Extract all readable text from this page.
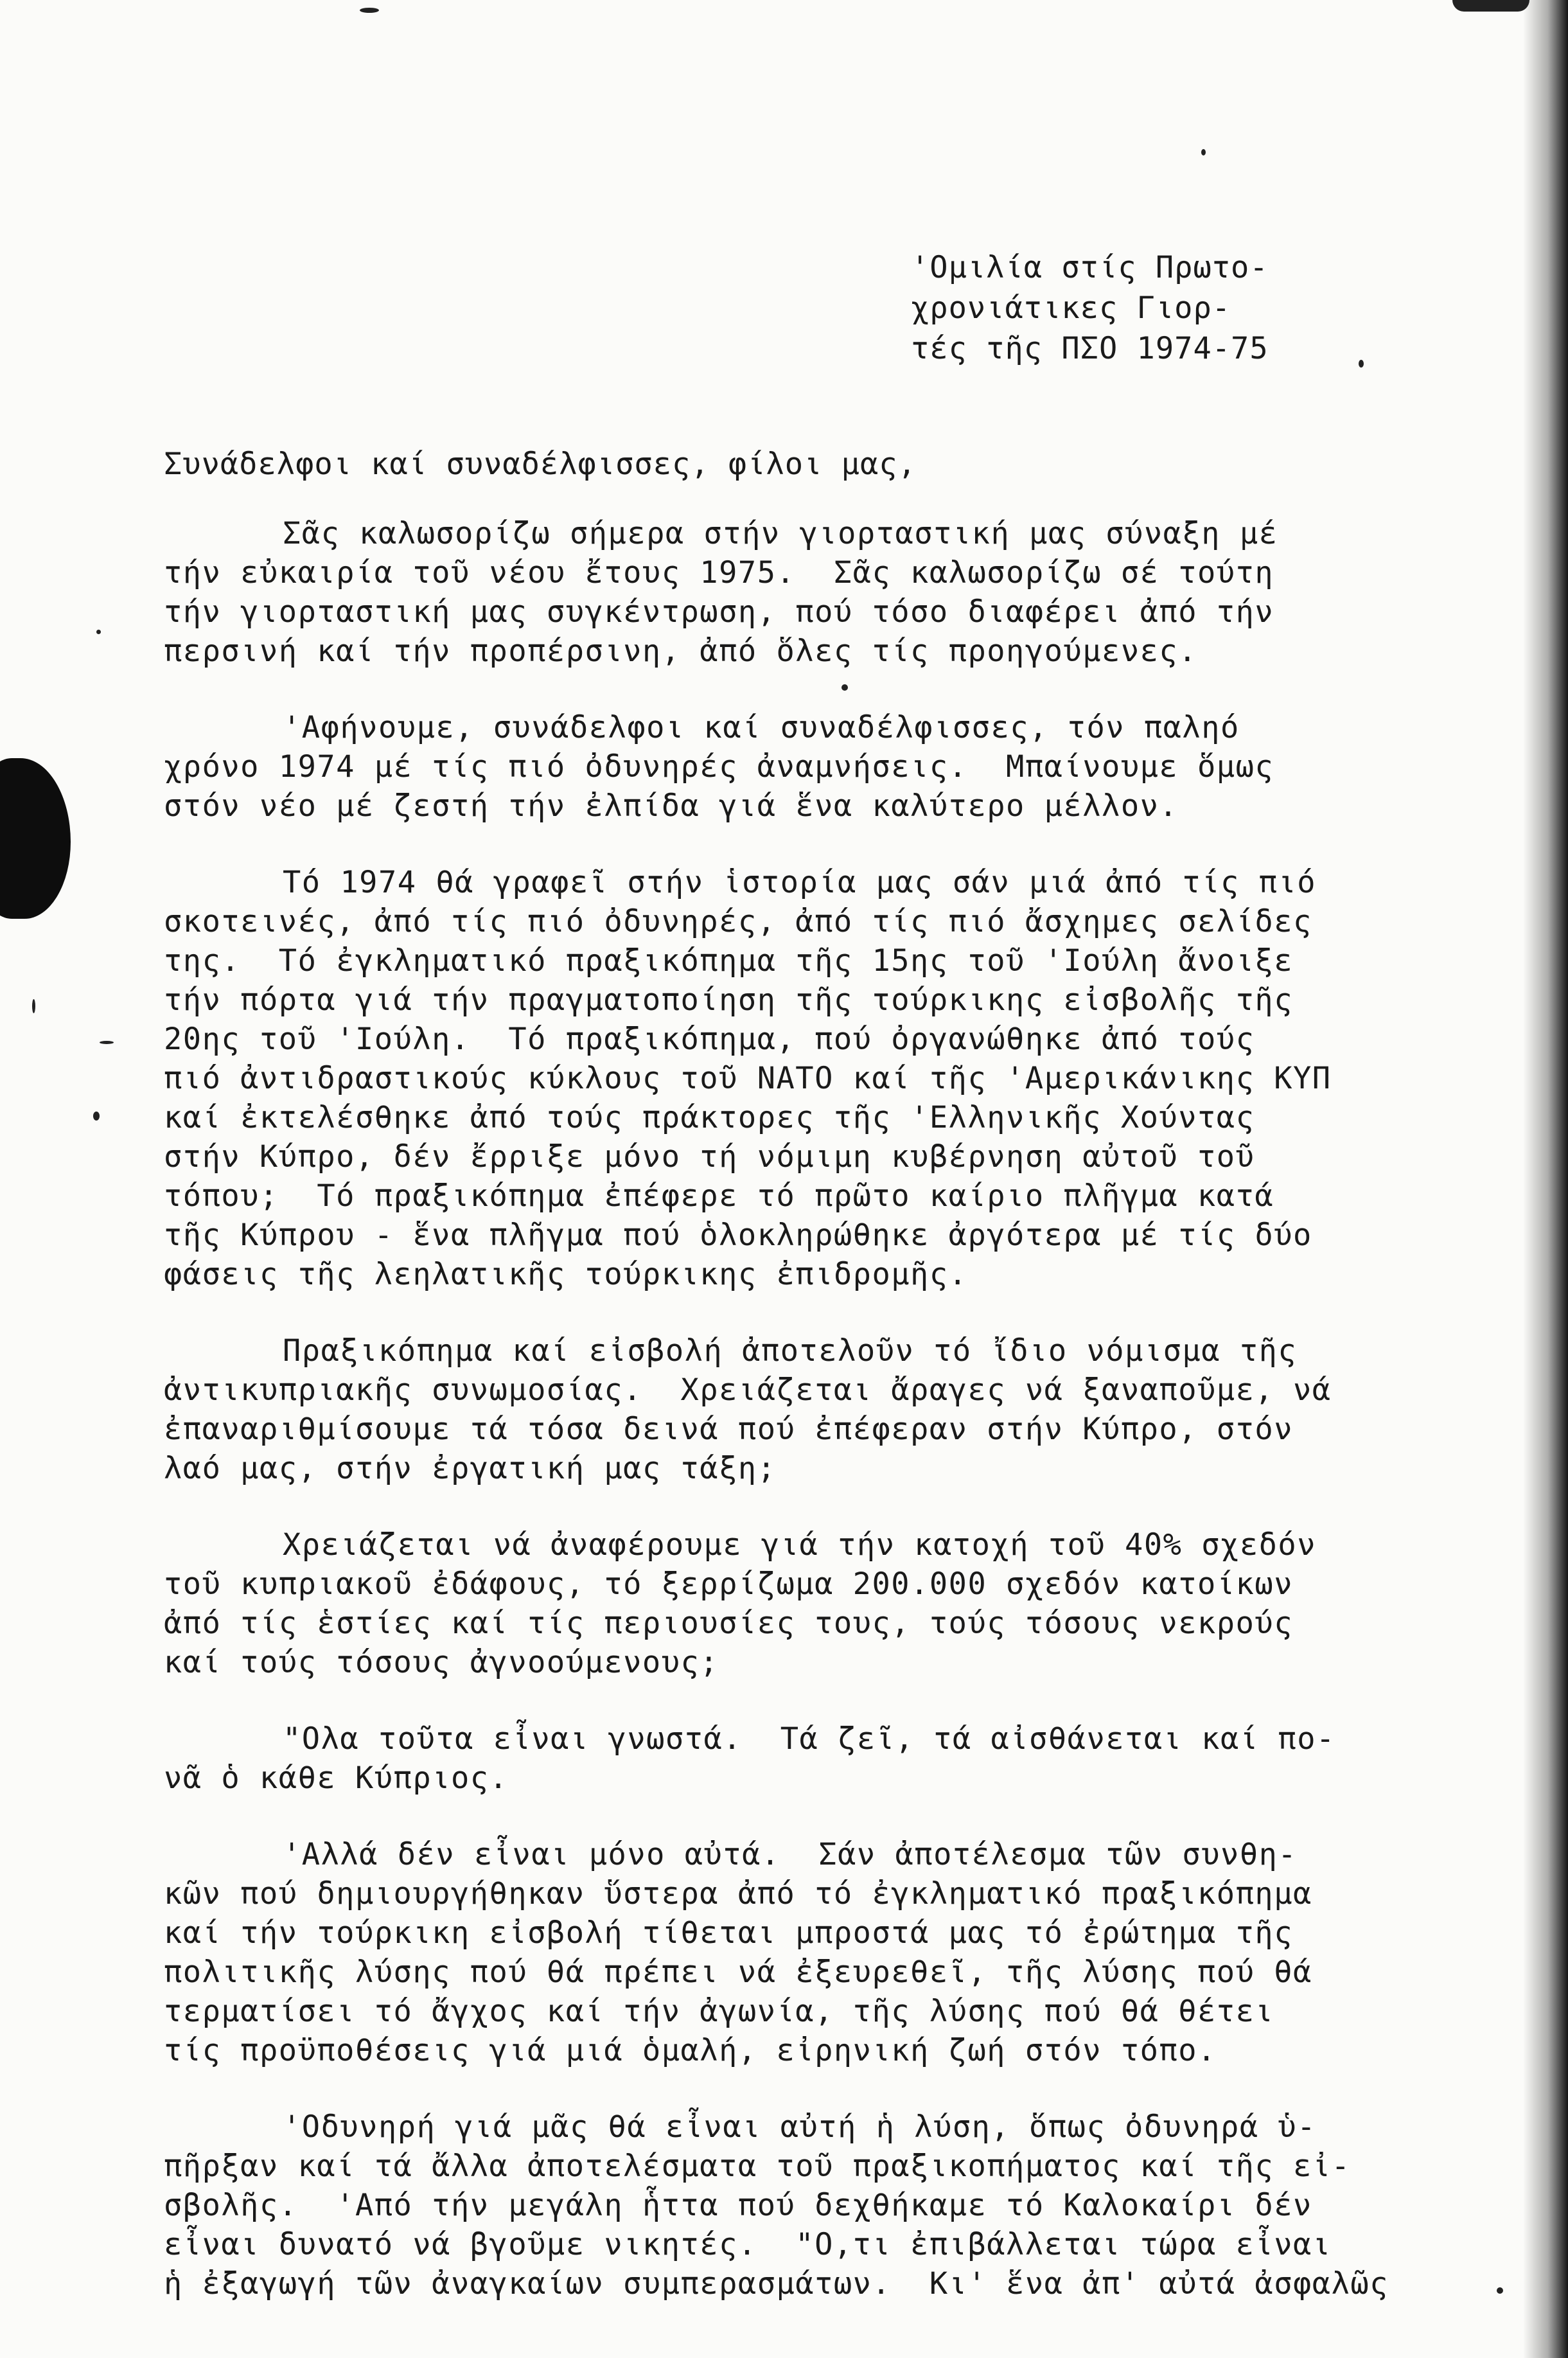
'Ομιλία στίς Πρωτο-
χρονιάτικες Γιορ-
τές τῆς ΠΣΟ 1974-75
Συνάδελφοι καί συναδέλφισσες, φίλοι μας,
Σᾶς καλωσορίζω σήμερα στήν γιορταστική μας σύναξη μέ
τήν εὐκαιρία τοῦ νέου ἔτους 1975.  Σᾶς καλωσορίζω σέ τούτη
τήν γιορταστική μας συγκέντρωση, πού τόσο διαφέρει ἀπό τήν
περσινή καί τήν προπέρσινη, ἀπό ὅλες τίς προηγούμενες.
'Αφήνουμε, συνάδελφοι καί συναδέλφισσες, τόν παληό
χρόνο 1974 μέ τίς πιό ὀδυνηρές ἀναμνήσεις.  Μπαίνουμε ὅμως
στόν νέο μέ ζεστή τήν ἐλπίδα γιά ἕνα καλύτερο μέλλον.
Τό 1974 θά γραφεῖ στήν ἱστορία μας σάν μιά ἀπό τίς πιό
σκοτεινές, ἀπό τίς πιό ὀδυνηρές, ἀπό τίς πιό ἄσχημες σελίδες
της.  Τό ἐγκληματικό πραξικόπημα τῆς 15ης τοῦ 'Ιούλη ἄνοιξε
τήν πόρτα γιά τήν πραγματοποίηση τῆς τούρκικης εἰσβολῆς τῆς
20ης τοῦ 'Ιούλη.  Τό πραξικόπημα, πού ὀργανώθηκε ἀπό τούς
πιό ἀντιδραστικούς κύκλους τοῦ ΝΑΤΟ καί τῆς 'Αμερικάνικης ΚΥΠ
καί ἐκτελέσθηκε ἀπό τούς πράκτορες τῆς 'Ελληνικῆς Χούντας
στήν Κύπρο, δέν ἔρριξε μόνο τή νόμιμη κυβέρνηση αὐτοῦ τοῦ
τόπου;  Τό πραξικόπημα ἐπέφερε τό πρῶτο καίριο πλῆγμα κατά
τῆς Κύπρου - ἕνα πλῆγμα πού ὁλοκληρώθηκε ἀργότερα μέ τίς δύο
φάσεις τῆς λεηλατικῆς τούρκικης ἐπιδρομῆς.
Πραξικόπημα καί εἰσβολή ἀποτελοῦν τό ἴδιο νόμισμα τῆς
ἀντικυπριακῆς συνωμοσίας.  Χρειάζεται ἄραγες νά ξαναποῦμε, νά
ἐπαναριθμίσουμε τά τόσα δεινά πού ἐπέφεραν στήν Κύπρο, στόν
λαό μας, στήν ἐργατική μας τάξη;
Χρειάζεται νά ἀναφέρουμε γιά τήν κατοχή τοῦ 40% σχεδόν
τοῦ κυπριακοῦ ἐδάφους, τό ξερρίζωμα 200.000 σχεδόν κατοίκων
ἀπό τίς ἑστίες καί τίς περιουσίες τους, τούς τόσους νεκρούς
καί τούς τόσους ἀγνοούμενους;
"Ολα τοῦτα εἶναι γνωστά.  Τά ζεῖ, τά αἰσθάνεται καί πο-
νᾶ ὁ κάθε Κύπριος.
'Αλλά δέν εἶναι μόνο αὐτά.  Σάν ἀποτέλεσμα τῶν συνθη-
κῶν πού δημιουργήθηκαν ὕστερα ἀπό τό ἐγκληματικό πραξικόπημα
καί τήν τούρκικη εἰσβολή τίθεται μπροστά μας τό ἐρώτημα τῆς
πολιτικῆς λύσης πού θά πρέπει νά ἐξευρεθεῖ, τῆς λύσης πού θά
τερματίσει τό ἄγχος καί τήν ἀγωνία, τῆς λύσης πού θά θέτει
τίς προϋποθέσεις γιά μιά ὁμαλή, εἰρηνική ζωή στόν τόπο.
'Οδυνηρή γιά μᾶς θά εἶναι αὐτή ἡ λύση, ὅπως ὀδυνηρά ὑ-
πῆρξαν καί τά ἄλλα ἀποτελέσματα τοῦ πραξικοπήματος καί τῆς εἰ-
σβολῆς.  'Από τήν μεγάλη ἧττα πού δεχθήκαμε τό Καλοκαίρι δέν
εἶναι δυνατό νά βγοῦμε νικητές.  "Ο,τι ἐπιβάλλεται τώρα εἶναι
ἡ ἐξαγωγή τῶν ἀναγκαίων συμπερασμάτων.  Κι' ἕνα ἀπ' αὐτά ἀσφαλῶς
